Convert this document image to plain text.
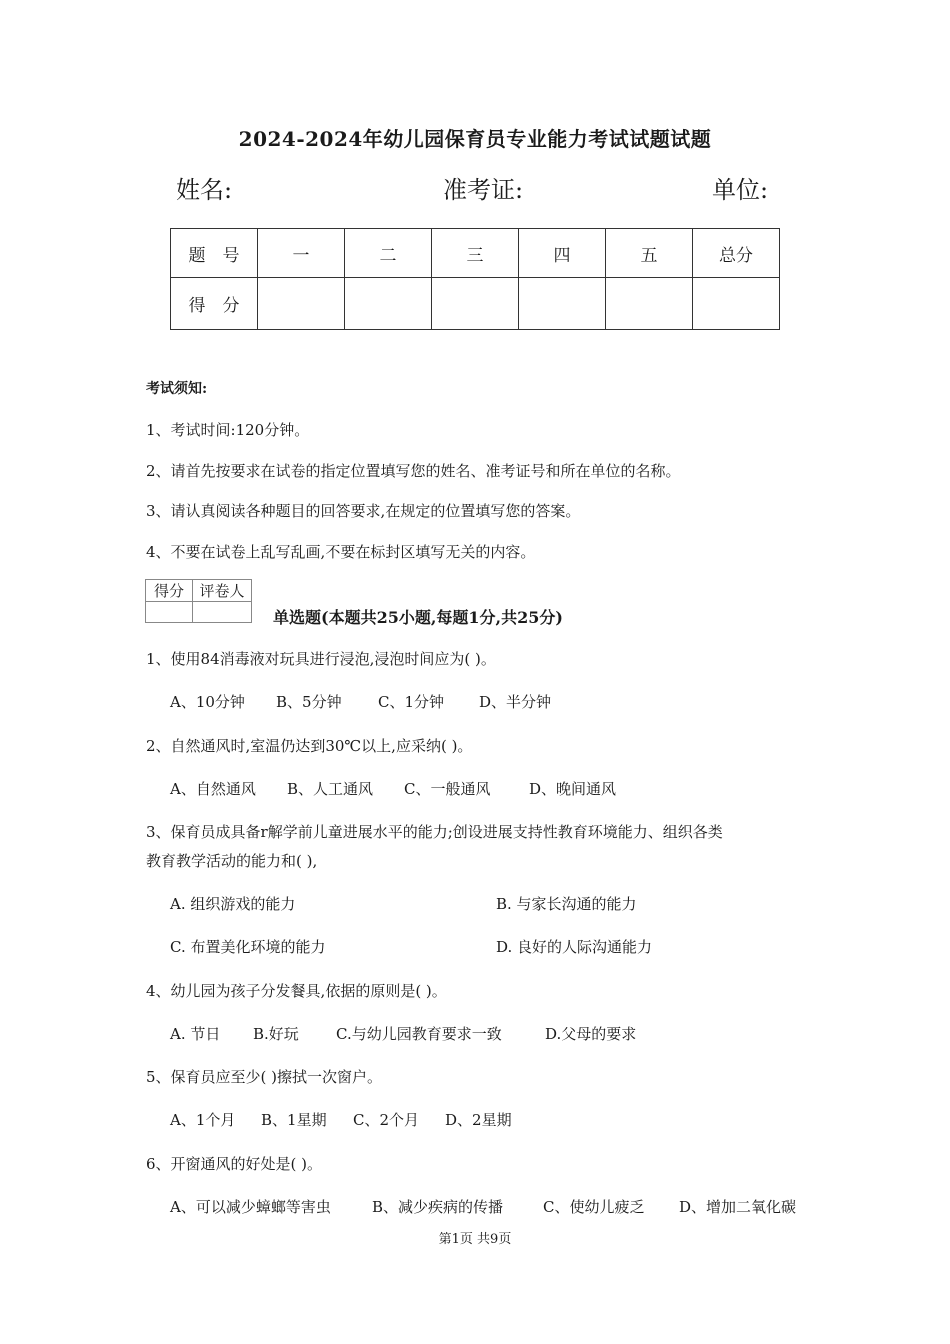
2024-2024年幼儿园保育员专业能力考试试题试题
姓名:	准考证:	单位:
题　号	一	二	三	四	五	总分
得　分						
考试须知:
1、考试时间:120分钟。
2、请首先按要求在试卷的指定位置填写您的姓名、准考证号和所在单位的名称。
3、请认真阅读各种题目的回答要求,在规定的位置填写您的答案。
4、不要在试卷上乱写乱画,不要在标封区填写无关的内容。
得分	评卷人

单选题(本题共25小题,每题1分,共25分)
1、使用84消毒液对玩具进行浸泡,浸泡时间应为( )。
A、10分钟 B、5分钟 C、1分钟 D、半分钟
2、自然通风时,室温仍达到30℃以上,应采纳( )。
A、自然通风 B、人工通风 C、一般通风	D、晚间通风
3、保育员成具备r解学前儿童进展水平的能力;创设进展支持性教育环境能力、组织各类
教育教学活动的能力和( ),
A. 组织游戏的能力	B. 与家长沟通的能力
C. 布置美化环境的能力	D. 良好的人际沟通能力
4、幼儿园为孩子分发餐具,依据的原则是( )。
A. 节日 B.好玩 C.与幼儿园教育要求一致	D.父母的要求
5、保育员应至少( )擦拭一次窗户。
A、1个月 B、1星期 C、2个月 D、2星期
6、开窗通风的好处是( )。
A、可以减少蟑螂等害虫	B、减少疾病的传播	C、使幼儿疲乏 D、增加二氧化碳
第1页 共9页
